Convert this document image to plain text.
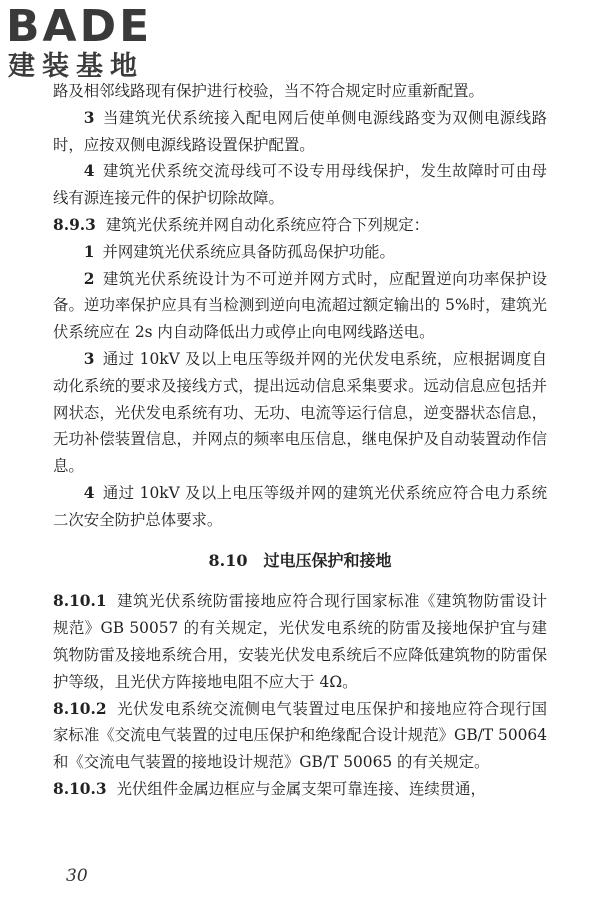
BADE

建装基地

路及相邻线路现有保护进行校验，当不符合规定时应重新配置。

3 当建筑光伏系统接入配电网后使单侧电源线路变为双侧电源线路时，应按双侧电源线路设置保护配置。

4 建筑光伏系统交流母线可不设专用母线保护，发生故障时可由母线有源连接元件的保护切除故障。

8.9.3 建筑光伏系统并网自动化系统应符合下列规定：

1 并网建筑光伏系统应具备防孤岛保护功能。

2 建筑光伏系统设计为不可逆并网方式时，应配置逆向功率保护设备。逆功率保护应具有当检测到逆向电流超过额定输出的 5%时，建筑光伏系统应在 2s 内自动降低出力或停止向电网线路送电。

3 通过 10kV 及以上电压等级并网的光伏发电系统，应根据调度自动化系统的要求及接线方式，提出远动信息采集要求。远动信息应包括并网状态，光伏发电系统有功、无功、电流等运行信息，逆变器状态信息，无功补偿装置信息，并网点的频率电压信息，继电保护及自动装置动作信息。

4 通过 10kV 及以上电压等级并网的建筑光伏系统应符合电力系统二次安全防护总体要求。

8.10　过电压保护和接地

8.10.1 建筑光伏系统防雷接地应符合现行国家标准《建筑物防雷设计规范》GB 50057 的有关规定，光伏发电系统的防雷及接地保护宜与建筑物防雷及接地系统合用，安装光伏发电系统后不应降低建筑物的防雷保护等级，且光伏方阵接地电阻不应大于 4Ω。

8.10.2 光伏发电系统交流侧电气装置过电压保护和接地应符合现行国家标准《交流电气装置的过电压保护和绝缘配合设计规范》GB/T 50064 和《交流电气装置的接地设计规范》GB/T 50065 的有关规定。

8.10.3 光伏组件金属边框应与金属支架可靠连接、连续贯通，

30
